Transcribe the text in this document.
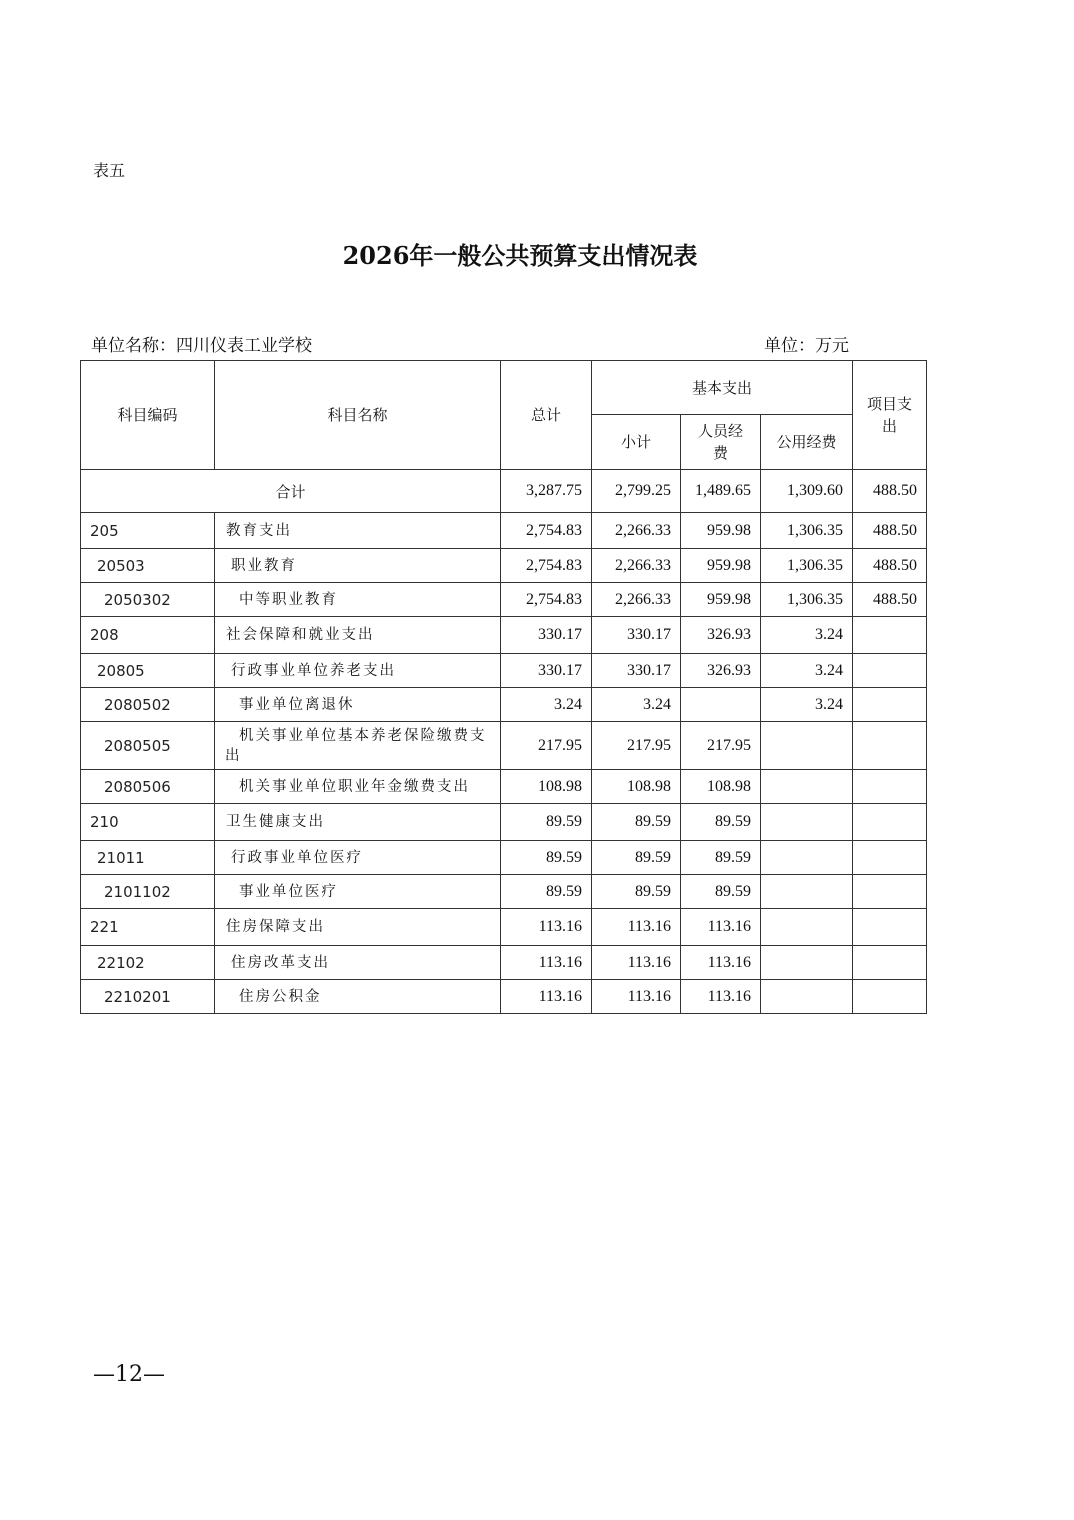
表五
2026年一般公共预算支出情况表
单位名称：四川仪表工业学校	单位：万元
科目编码	科目名称	总计	基本支出			项目支出
			小计	人员经费	公用经费	
合计		3,287.75	2,799.25	1,489.65	1,309.60	488.50
205	教育支出	2,754.83	2,266.33	959.98	1,306.35	488.50
20503	职业教育	2,754.83	2,266.33	959.98	1,306.35	488.50
2050302	中等职业教育	2,754.83	2,266.33	959.98	1,306.35	488.50
208	社会保障和就业支出	330.17	330.17	326.93	3.24	
20805	行政事业单位养老支出	330.17	330.17	326.93	3.24	
2080502	事业单位离退休	3.24	3.24		3.24	
2080505	机关事业单位基本养老保险缴费支出	217.95	217.95	217.95		
2080506	机关事业单位职业年金缴费支出	108.98	108.98	108.98		
210	卫生健康支出	89.59	89.59	89.59		
21011	行政事业单位医疗	89.59	89.59	89.59		
2101102	事业单位医疗	89.59	89.59	89.59		
221	住房保障支出	113.16	113.16	113.16		
22102	住房改革支出	113.16	113.16	113.16		
2210201	住房公积金	113.16	113.16	113.16		
—12—
